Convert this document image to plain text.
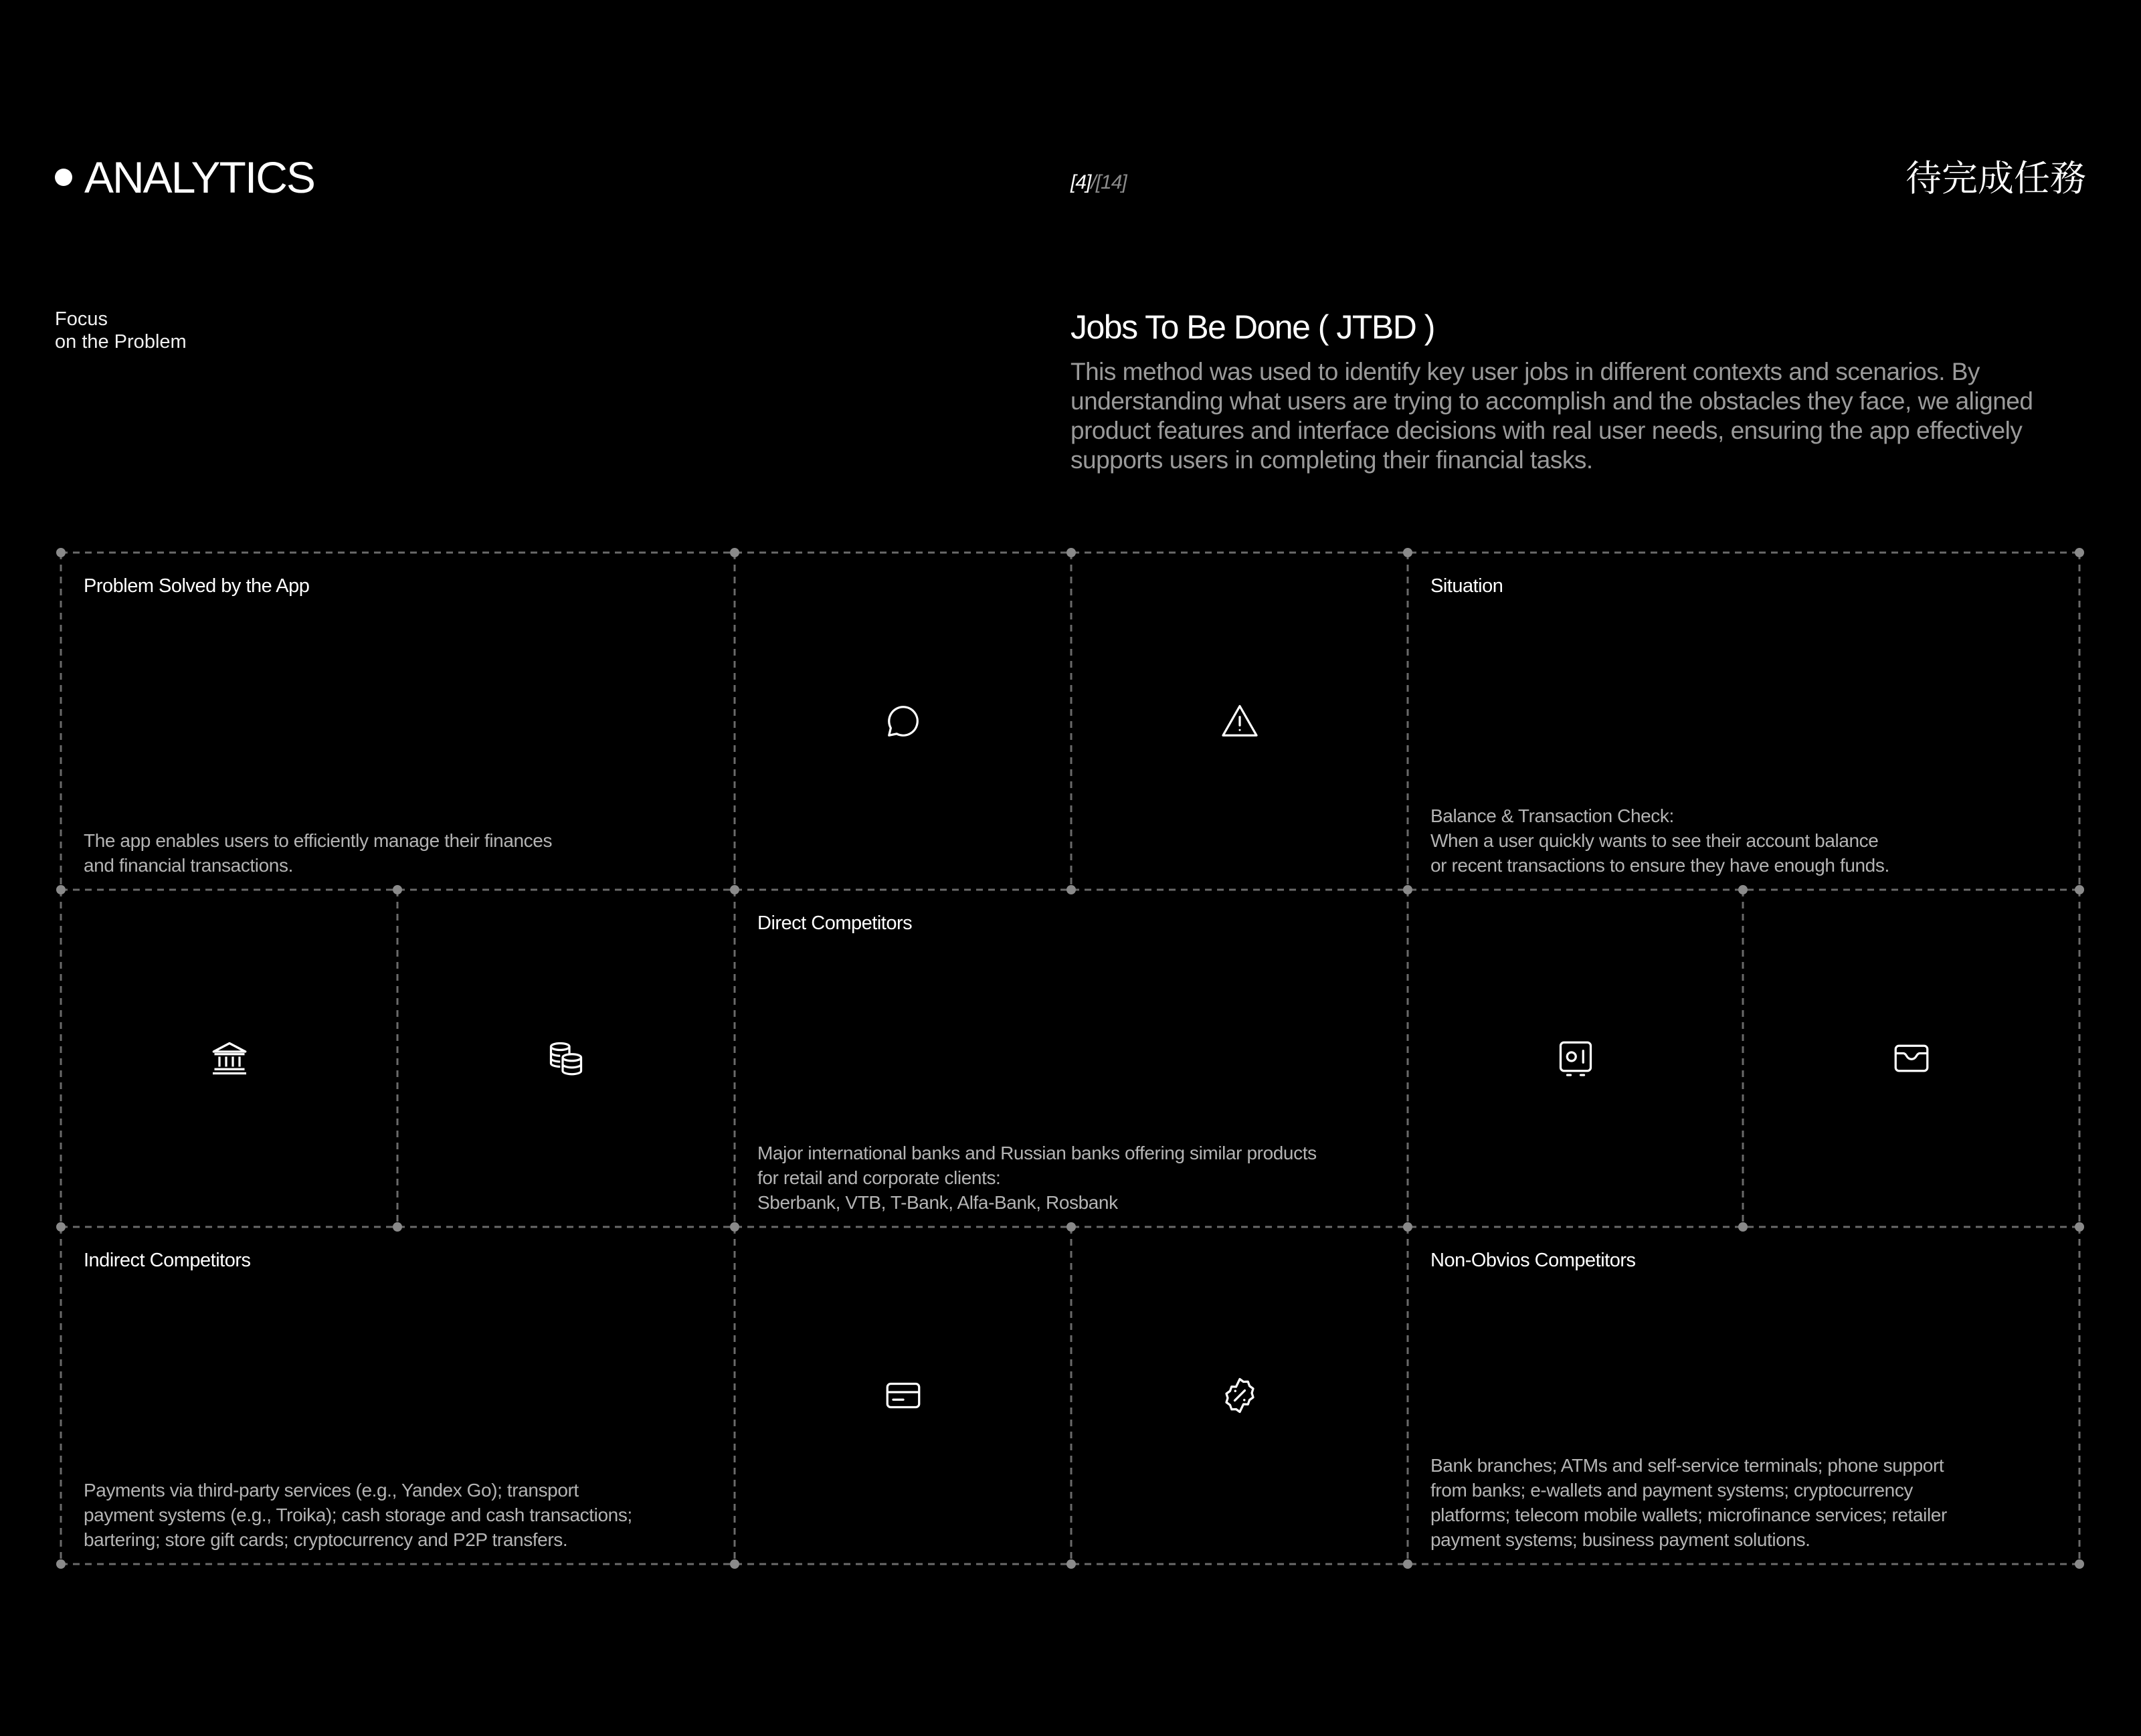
ANALYTICS	[4]/[14]	待完成任務
Focus
on the Problem	Jobs To Be Done ( JTBD )
This method was used to identify key user jobs in different contexts and scenarios. By understanding what users are trying to accomplish and the obstacles they face, we aligned product features and interface decisions with real user needs, ensuring the app effectively supports users in completing their financial tasks.
Problem Solved by the App
The app enables users to efficiently manage their finances
and financial transactions.
Situation
Balance & Transaction Check:
When a user quickly wants to see their account balance
or recent transactions to ensure they have enough funds.
Direct Competitors
Major international banks and Russian banks offering similar products
for retail and corporate clients:
Sberbank, VTB, T-Bank, Alfa-Bank, Rosbank
Indirect Competitors
Payments via third-party services (e.g., Yandex Go); transport
payment systems (e.g., Troika); cash storage and cash transactions;
bartering; store gift cards; cryptocurrency and P2P transfers.
Non-Obvios Competitors
Bank branches; ATMs and self-service terminals; phone support
from banks; e-wallets and payment systems; cryptocurrency
platforms; telecom mobile wallets; microfinance services; retailer
payment systems; business payment solutions.
